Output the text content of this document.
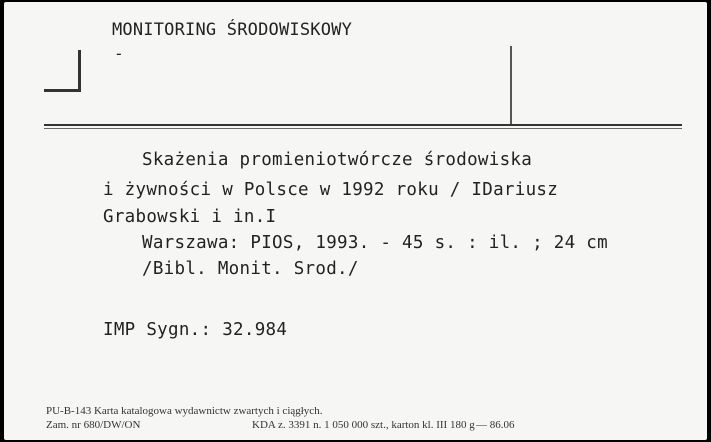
MONITORING ŚRODOWISKOWY
-
Skażenia promieniotwórcze środowiska
i żywności w Polsce w 1992 roku / IDariusz
Grabowski i in.I
Warszawa: PIOS, 1993. - 45 s. : il. ; 24 cm
/Bibl. Monit. Srod./
IMP Sygn.: 32.984
PU-B-143 Karta katalogowa wydawnictw zwartych i ciągłych.
Zam. nr 680/DW/ON	KDA z. 3391 n. 1 050 000 szt., karton kl. III 180 g — 86.06
